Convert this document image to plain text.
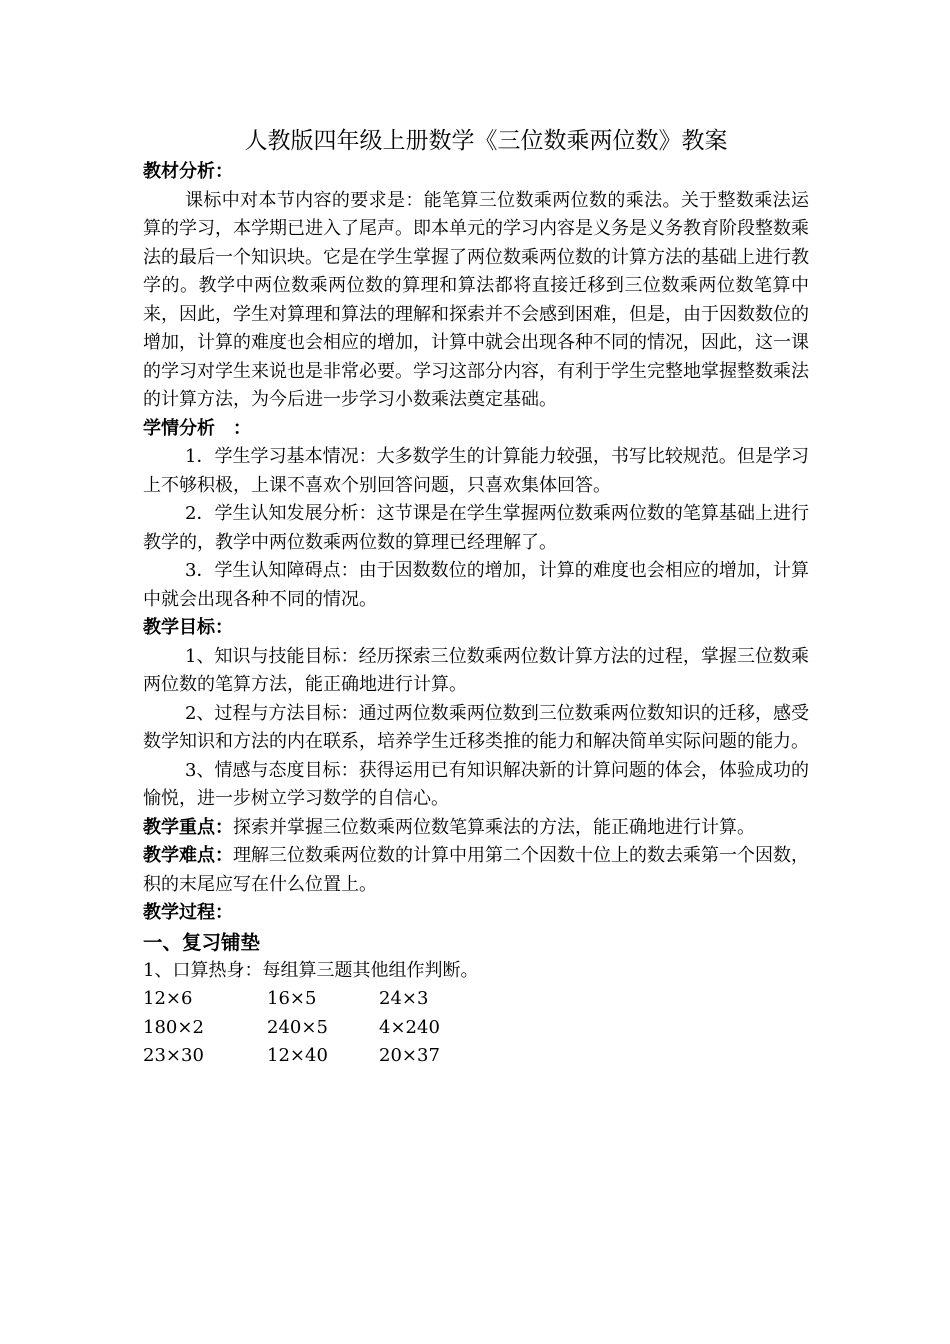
人教版四年级上册数学《三位数乘两位数》教案
教材分析：
课标中对本节内容的要求是：能笔算三位数乘两位数的乘法。关于整数乘法运算的学习，本学期已进入了尾声。即本单元的学习内容是义务是义务教育阶段整数乘法的最后一个知识块。它是在学生掌握了两位数乘两位数的计算方法的基础上进行教学的。教学中两位数乘两位数的算理和算法都将直接迁移到三位数乘两位数笔算中来，因此，学生对算理和算法的理解和探索并不会感到困难，但是，由于因数数位的增加，计算的难度也会相应的增加，计算中就会出现各种不同的情况，因此，这一课的学习对学生来说也是非常必要。学习这部分内容，有利于学生完整地掌握整数乘法的计算方法，为今后进一步学习小数乘法奠定基础。
学情分析　：
1．学生学习基本情况：大多数学生的计算能力较强，书写比较规范。但是学习上不够积极，上课不喜欢个别回答问题，只喜欢集体回答。
2．学生认知发展分析：这节课是在学生掌握两位数乘两位数的笔算基础上进行教学的，教学中两位数乘两位数的算理已经理解了。
3．学生认知障碍点：由于因数数位的增加，计算的难度也会相应的增加，计算中就会出现各种不同的情况。
教学目标：
1、知识与技能目标：经历探索三位数乘两位数计算方法的过程，掌握三位数乘两位数的笔算方法，能正确地进行计算。
2、过程与方法目标：通过两位数乘两位数到三位数乘两位数知识的迁移，感受数学知识和方法的内在联系，培养学生迁移类推的能力和解决简单实际问题的能力。
3、情感与态度目标：获得运用已有知识解决新的计算问题的体会，体验成功的愉悦，进一步树立学习数学的自信心。
教学重点：探索并掌握三位数乘两位数笔算乘法的方法，能正确地进行计算。
教学难点：理解三位数乘两位数的计算中用第二个因数十位上的数去乘第一个因数，积的末尾应写在什么位置上。
教学过程：
一、复习铺垫
1、口算热身：每组算三题其他组作判断。
12×6	16×5	24×3
180×2	240×5	4×240
23×30	12×40	20×37
